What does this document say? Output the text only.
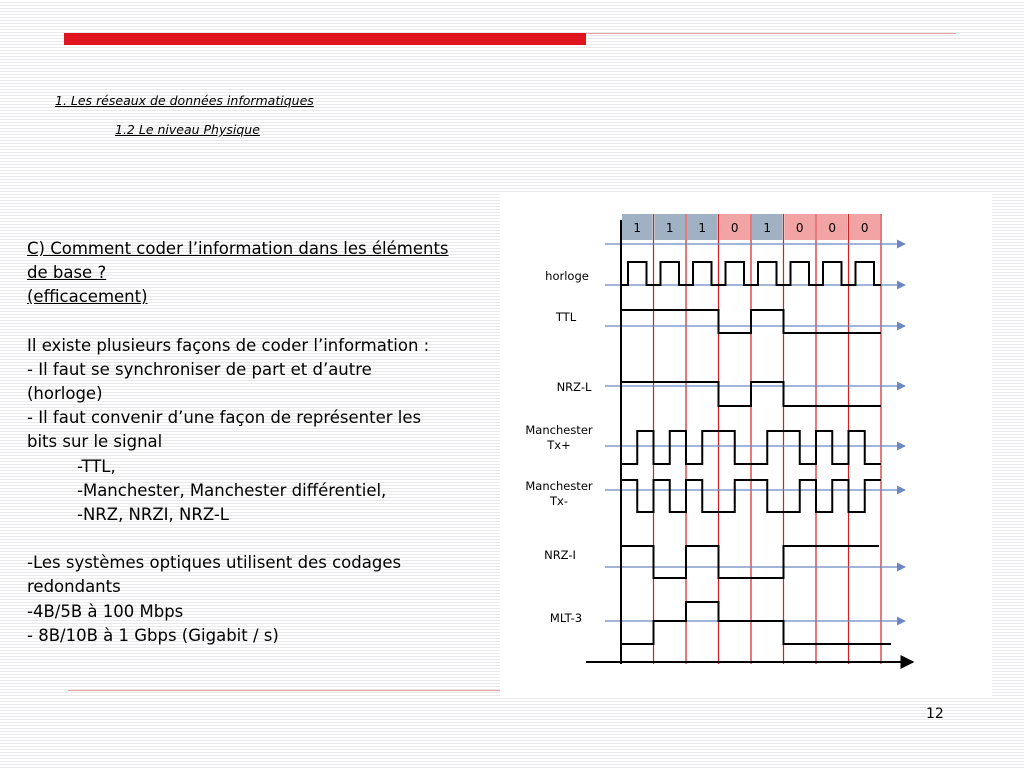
1. Les réseaux de données informatiques
1.2 Le niveau Physique
C) Comment coder l’information dans les éléments
de base ?
(efficacement)
Il existe plusieurs façons de coder l’information :
- Il faut se synchroniser de part et d’autre
(horloge)
- Il faut convenir d’une façon de représenter les
bits sur le signal
-TTL,
-Manchester, Manchester différentiel,
-NRZ, NRZI, NRZ-L
-Les systèmes optiques utilisent des codages
redondants
-4B/5B à 100 Mbps
- 8B/10B à 1 Gbps (Gigabit / s)
1 1 1 0 1 0 0 0
horloge
TTL
NRZ-L
Manchester
Tx+
Manchester
Tx-
NRZ-I
MLT-3
12
